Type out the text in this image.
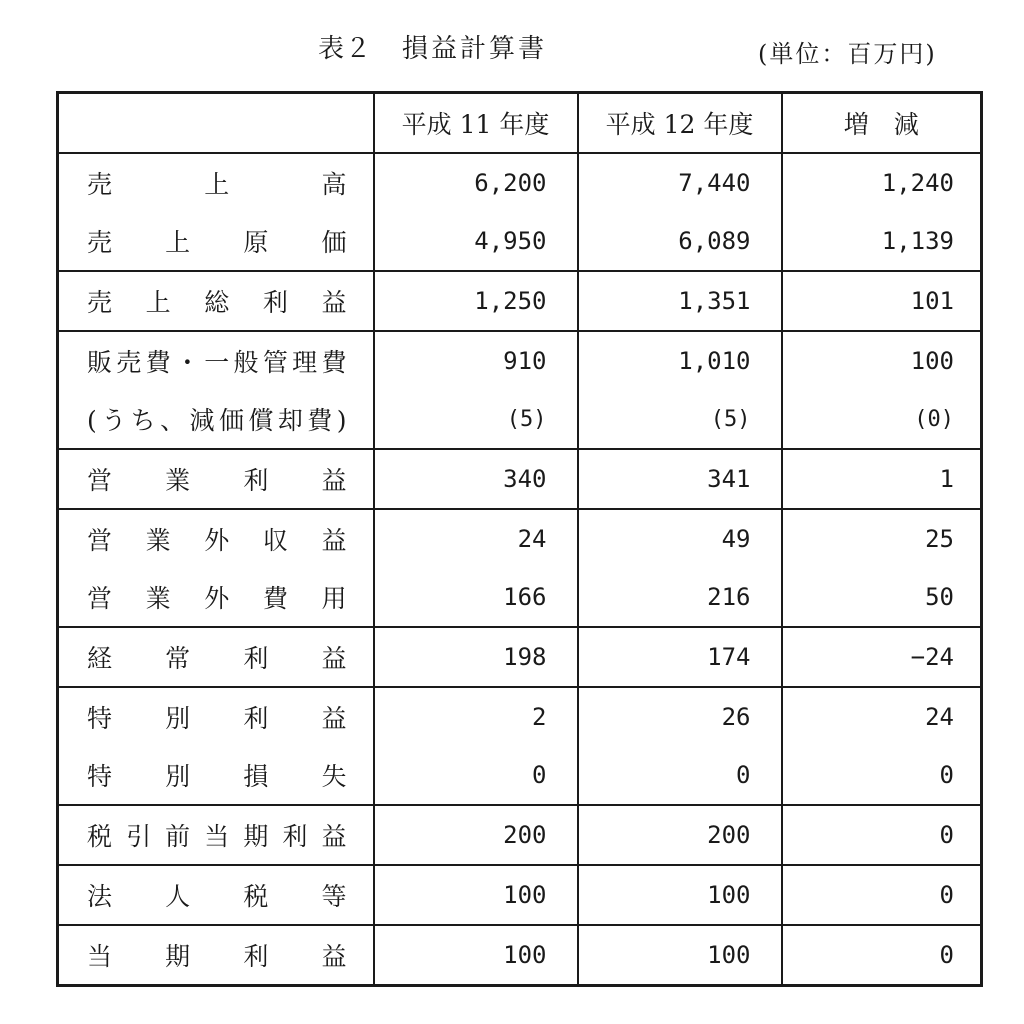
表２ 損益計算書	(単位：百万円)
	平成 11 年度	平成 12 年度	増　減
売上高	6,200	7,440	1,240
売上原価	4,950	6,089	1,139
売上総利益	1,250	1,351	101
販売費・一般管理費	910	1,010	100
(うち、減価償却費)	(5)	(5)	(0)
営業利益	340	341	1
営業外収益	24	49	25
営業外費用	166	216	50
経常利益	198	174	−24
特別利益	2	26	24
特別損失	0	0	0
税引前当期利益	200	200	0
法人税等	100	100	0
当期利益	100	100	0
